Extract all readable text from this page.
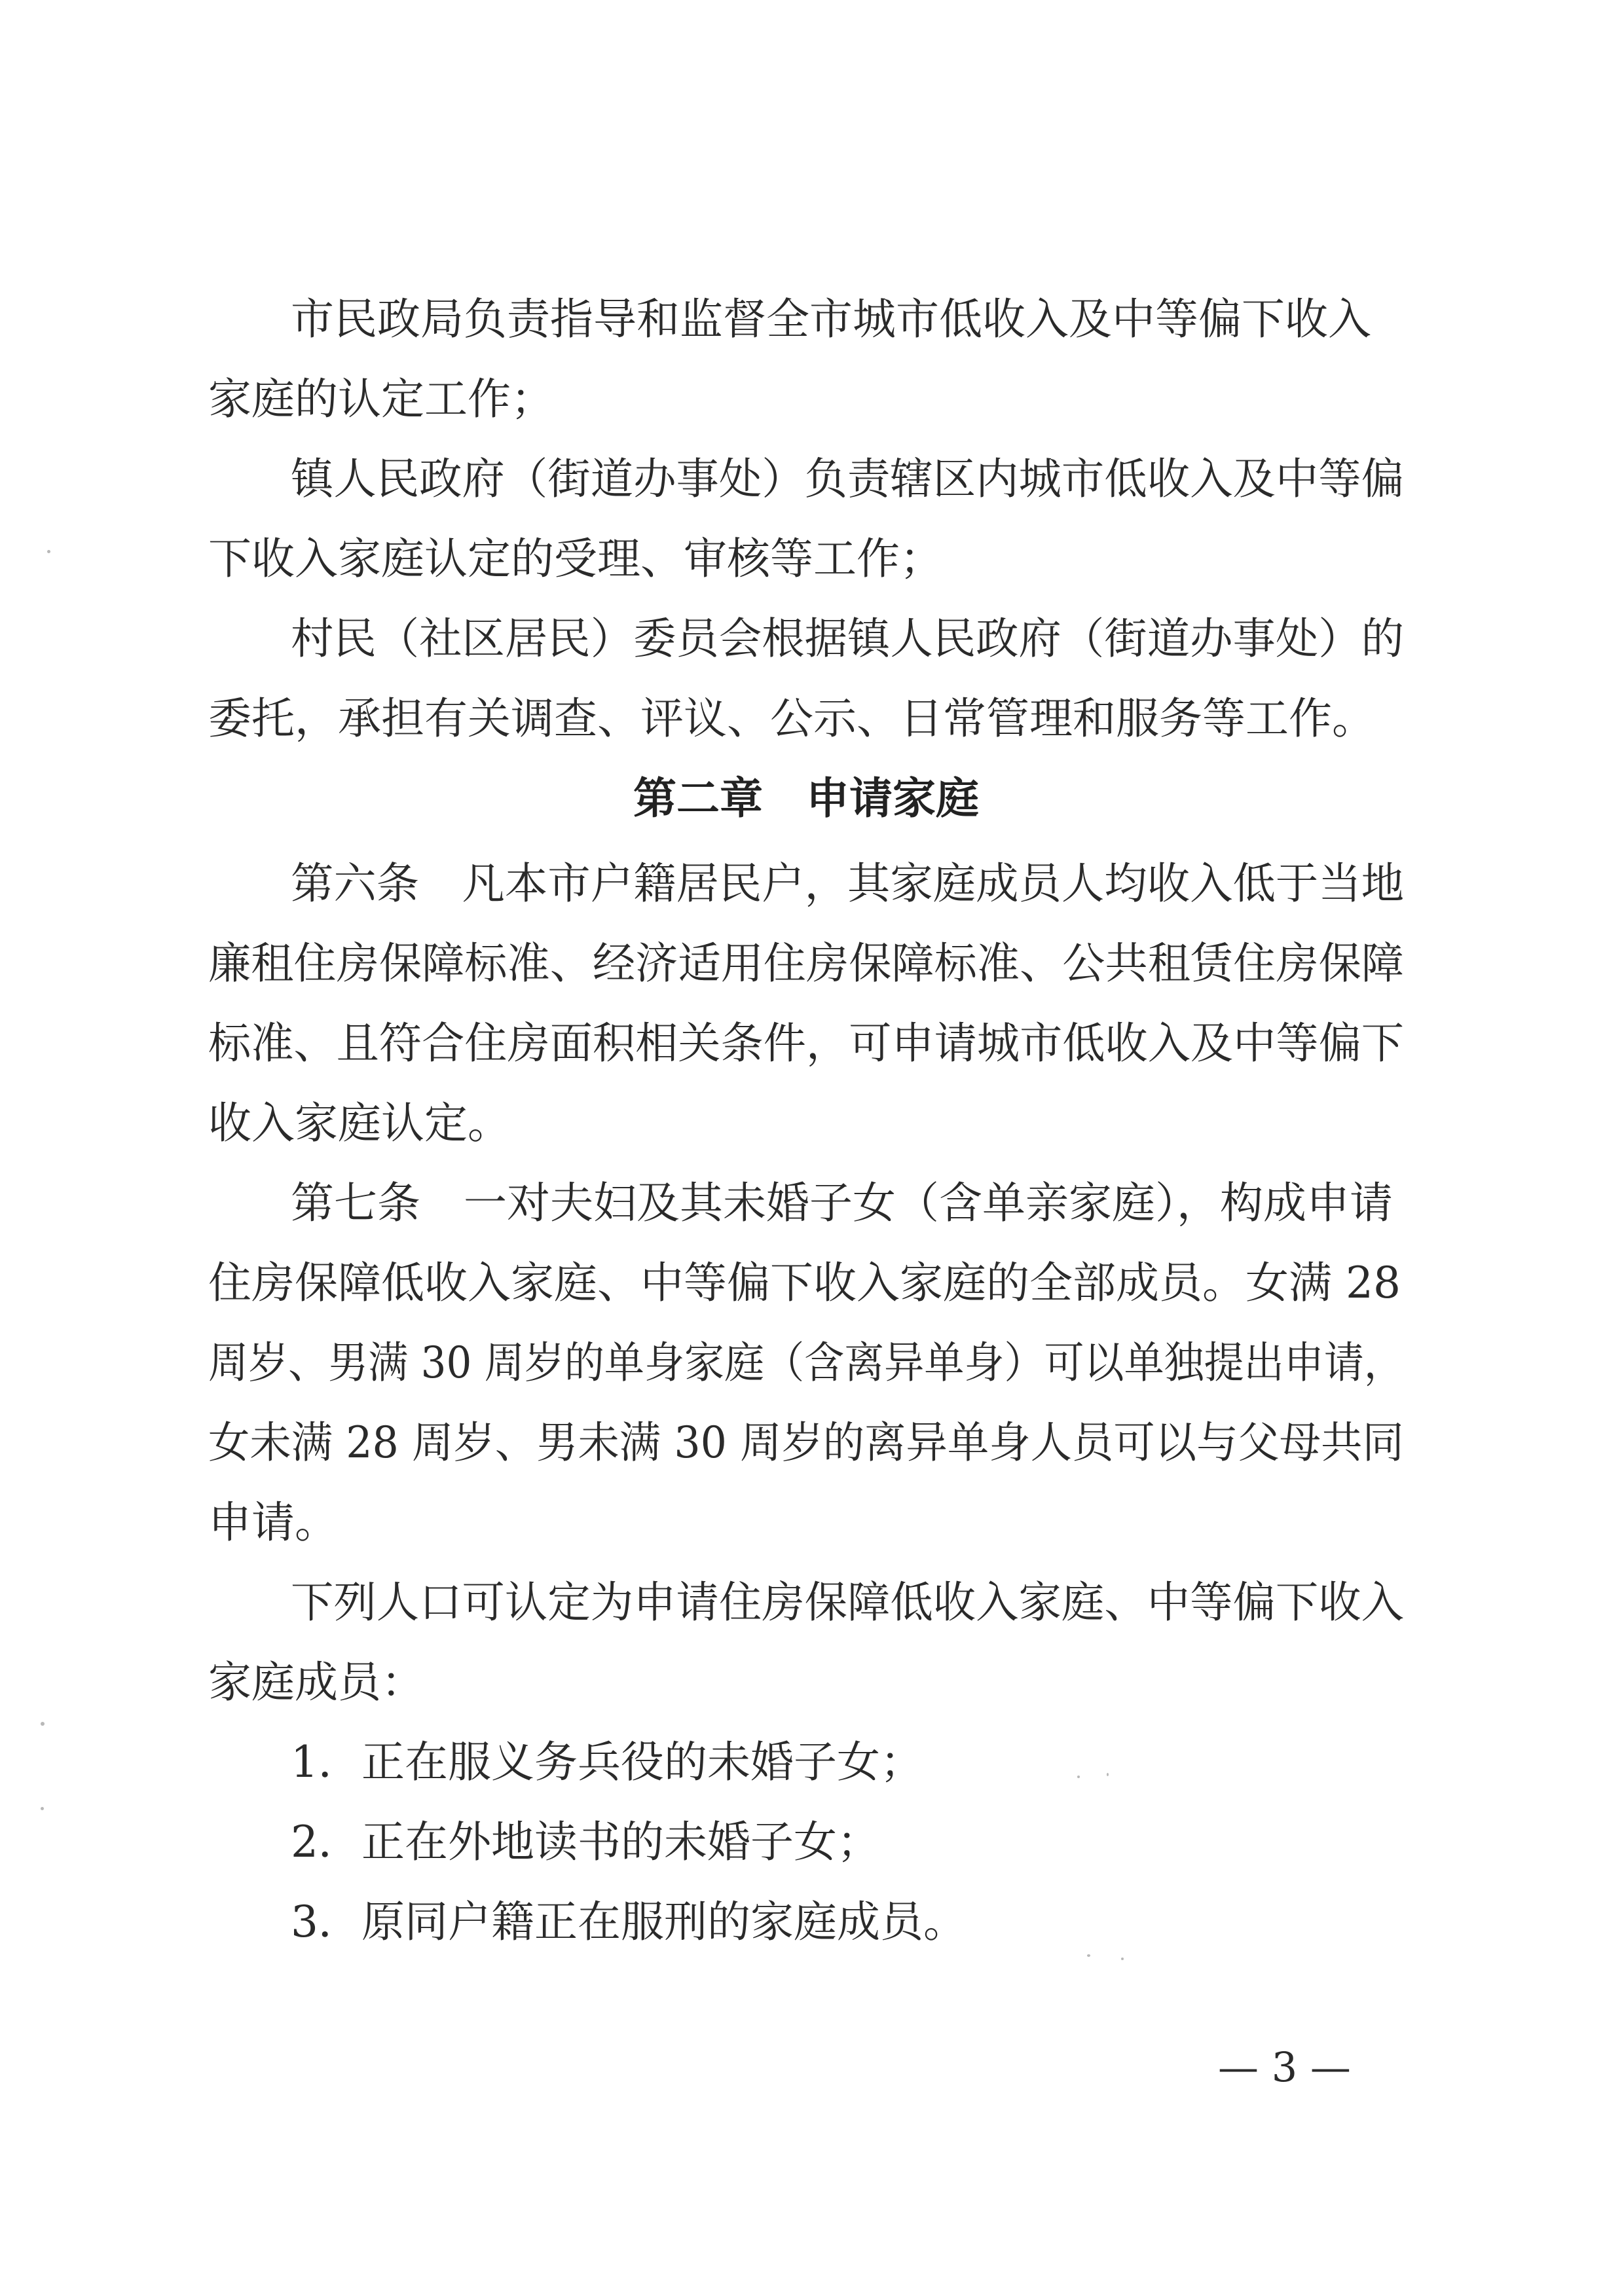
市民政局负责指导和监督全市城市低收入及中等偏下收入
家庭的认定工作；
镇人民政府（街道办事处）负责辖区内城市低收入及中等偏
下收入家庭认定的受理、审核等工作；
村民（社区居民）委员会根据镇人民政府（街道办事处）的
委托，承担有关调查、评议、公示、日常管理和服务等工作。
第二章　申请家庭
第六条　凡本市户籍居民户，其家庭成员人均收入低于当地
廉租住房保障标准、经济适用住房保障标准、公共租赁住房保障
标准、且符合住房面积相关条件，可申请城市低收入及中等偏下
收入家庭认定。
第七条　一对夫妇及其未婚子女（含单亲家庭），构成申请
住房保障低收入家庭、中等偏下收入家庭的全部成员。女满 28
周岁、男满 30 周岁的单身家庭（含离异单身）可以单独提出申请，
女未满 28 周岁、男未满 30 周岁的离异单身人员可以与父母共同
申请。
下列人口可认定为申请住房保障低收入家庭、中等偏下收入
家庭成员：
1．正在服义务兵役的未婚子女；
2．正在外地读书的未婚子女；
3．原同户籍正在服刑的家庭成员。
— 3 —
